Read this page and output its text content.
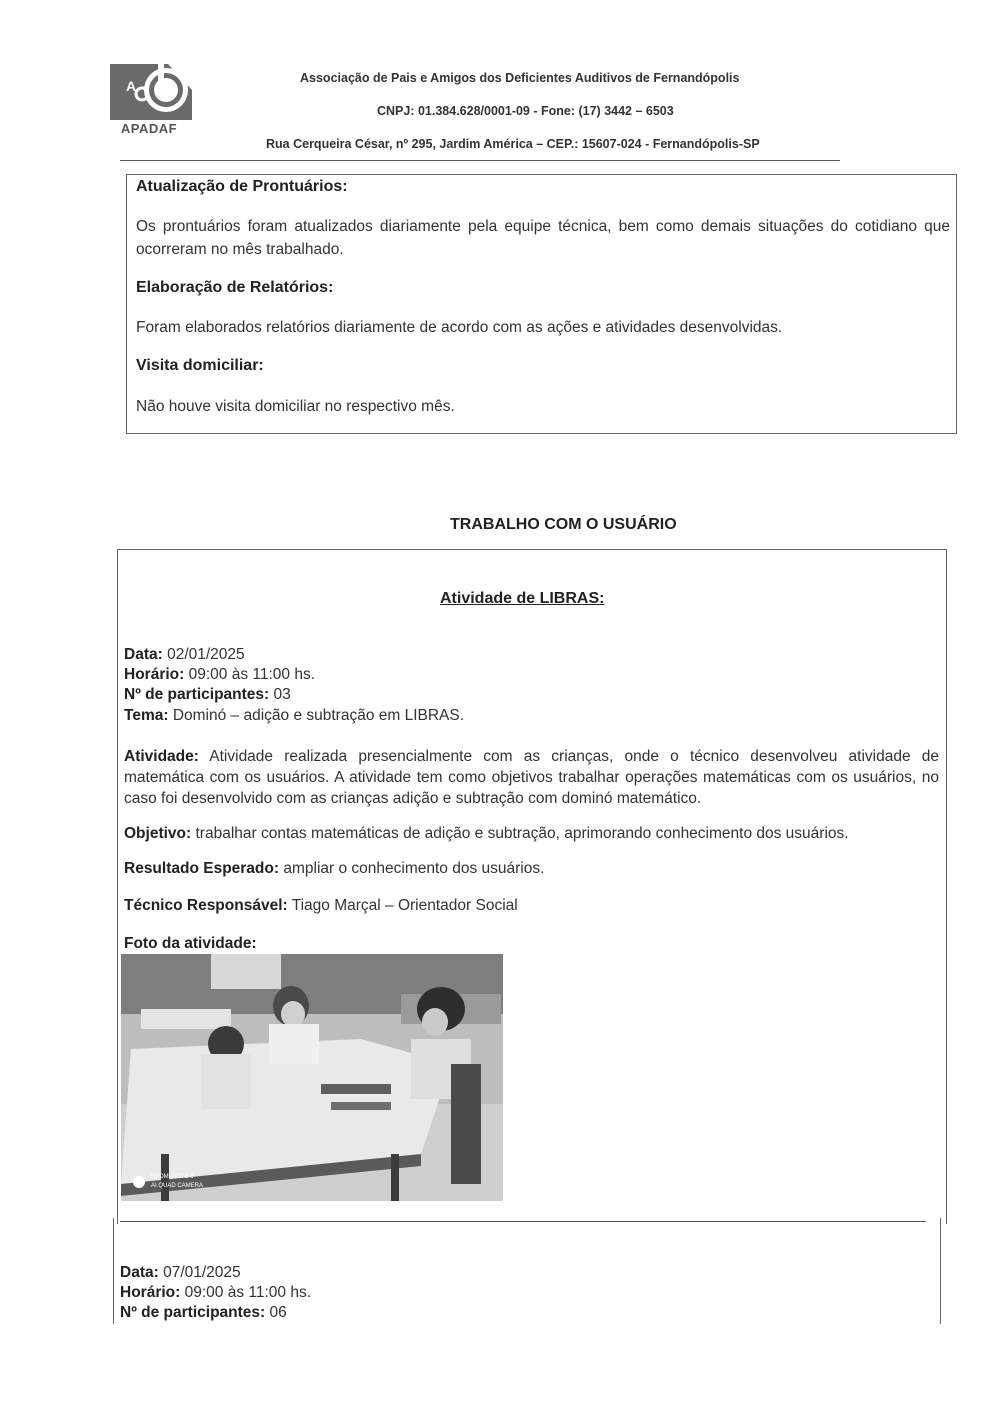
A
APADAF
Associação de Pais e Amigos dos Deficientes Auditivos de Fernandópolis
CNPJ: 01.384.628/0001-09 - Fone: (17) 3442 – 6503
Rua Cerqueira César, nº 295, Jardim América – CEP.: 15607-024 - Fernandópolis-SP
Atualização de Prontuários:
Os prontuários foram atualizados diariamente pela equipe técnica, bem como demais situações do cotidiano que ocorreram no mês trabalhado.
Elaboração de Relatórios:
Foram elaborados relatórios diariamente de acordo com as ações e atividades desenvolvidas.
Visita domiciliar:
Não houve visita domiciliar no respectivo mês.
TRABALHO COM O USUÁRIO
Atividade de LIBRAS:
Data: 02/01/2025
Horário: 09:00 às 11:00 hs.
Nº de participantes: 03
Tema: Dominó – adição e subtração em LIBRAS.
Atividade: Atividade realizada presencialmente com as crianças, onde o técnico desenvolveu atividade de matemática com os usuários. A atividade tem como objetivos trabalhar operações matemáticas com os usuários, no caso foi desenvolvido com as crianças adição e subtração com dominó matemático.
Objetivo: trabalhar contas matemáticas de adição e subtração, aprimorando conhecimento dos usuários.
Resultado Esperado: ampliar o conhecimento dos usuários.
Técnico Responsável: Tiago Marçal – Orientador Social
Foto da atividade:
REDMI NOTE 9
AI QUAD CAMERA
Data: 07/01/2025
Horário: 09:00 às 11:00 hs.
Nº de participantes: 06
